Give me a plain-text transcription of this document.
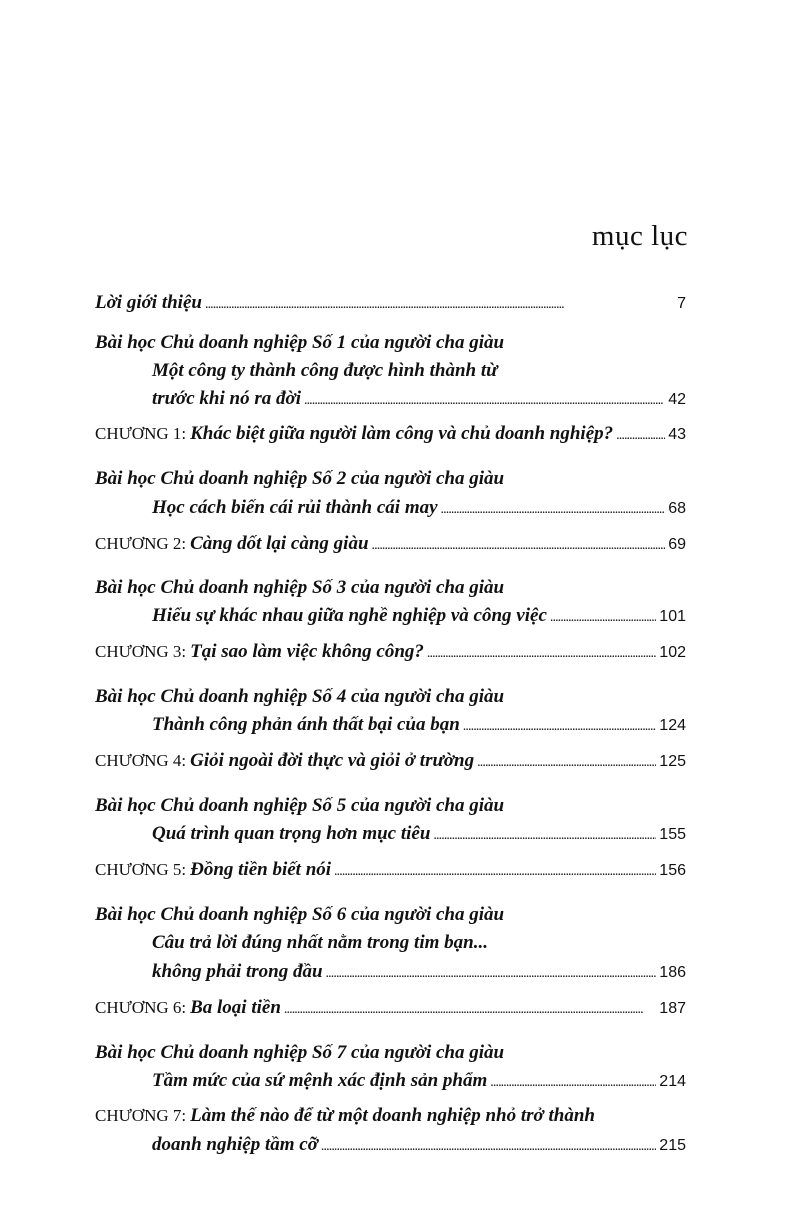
mục lục
Lời giới thiệu . . .	7
Bài học Chủ doanh nghiệp Số 1 của người cha giàu
Một công ty thành công được hình thành từ
trước khi nó ra đời . . .	42
CHƯƠNG 1: Khác biệt giữa người làm công và chủ doanh nghiệp? . . .	43
Bài học Chủ doanh nghiệp Số 2 của người cha giàu
Học cách biến cái rủi thành cái may . . .	68
CHƯƠNG 2: Càng dốt lại càng giàu . . .	69
Bài học Chủ doanh nghiệp Số 3 của người cha giàu
Hiểu sự khác nhau giữa nghề nghiệp và công việc . . .	101
CHƯƠNG 3: Tại sao làm việc không công? . . .	102
Bài học Chủ doanh nghiệp Số 4 của người cha giàu
Thành công phản ánh thất bại của bạn . . .	124
CHƯƠNG 4: Giỏi ngoài đời thực và giỏi ở trường . . .	125
Bài học Chủ doanh nghiệp Số 5 của người cha giàu
Quá trình quan trọng hơn mục tiêu . . .	155
CHƯƠNG 5: Đồng tiền biết nói . . .	156
Bài học Chủ doanh nghiệp Số 6 của người cha giàu
Câu trả lời đúng nhất nằm trong tim bạn...
không phải trong đầu . . .	186
CHƯƠNG 6: Ba loại tiền . . .	187
Bài học Chủ doanh nghiệp Số 7 của người cha giàu
Tầm mức của sứ mệnh xác định sản phẩm . . .	214
CHƯƠNG 7: Làm thế nào để từ một doanh nghiệp nhỏ trở thành
doanh nghiệp tầm cỡ . . .	215
